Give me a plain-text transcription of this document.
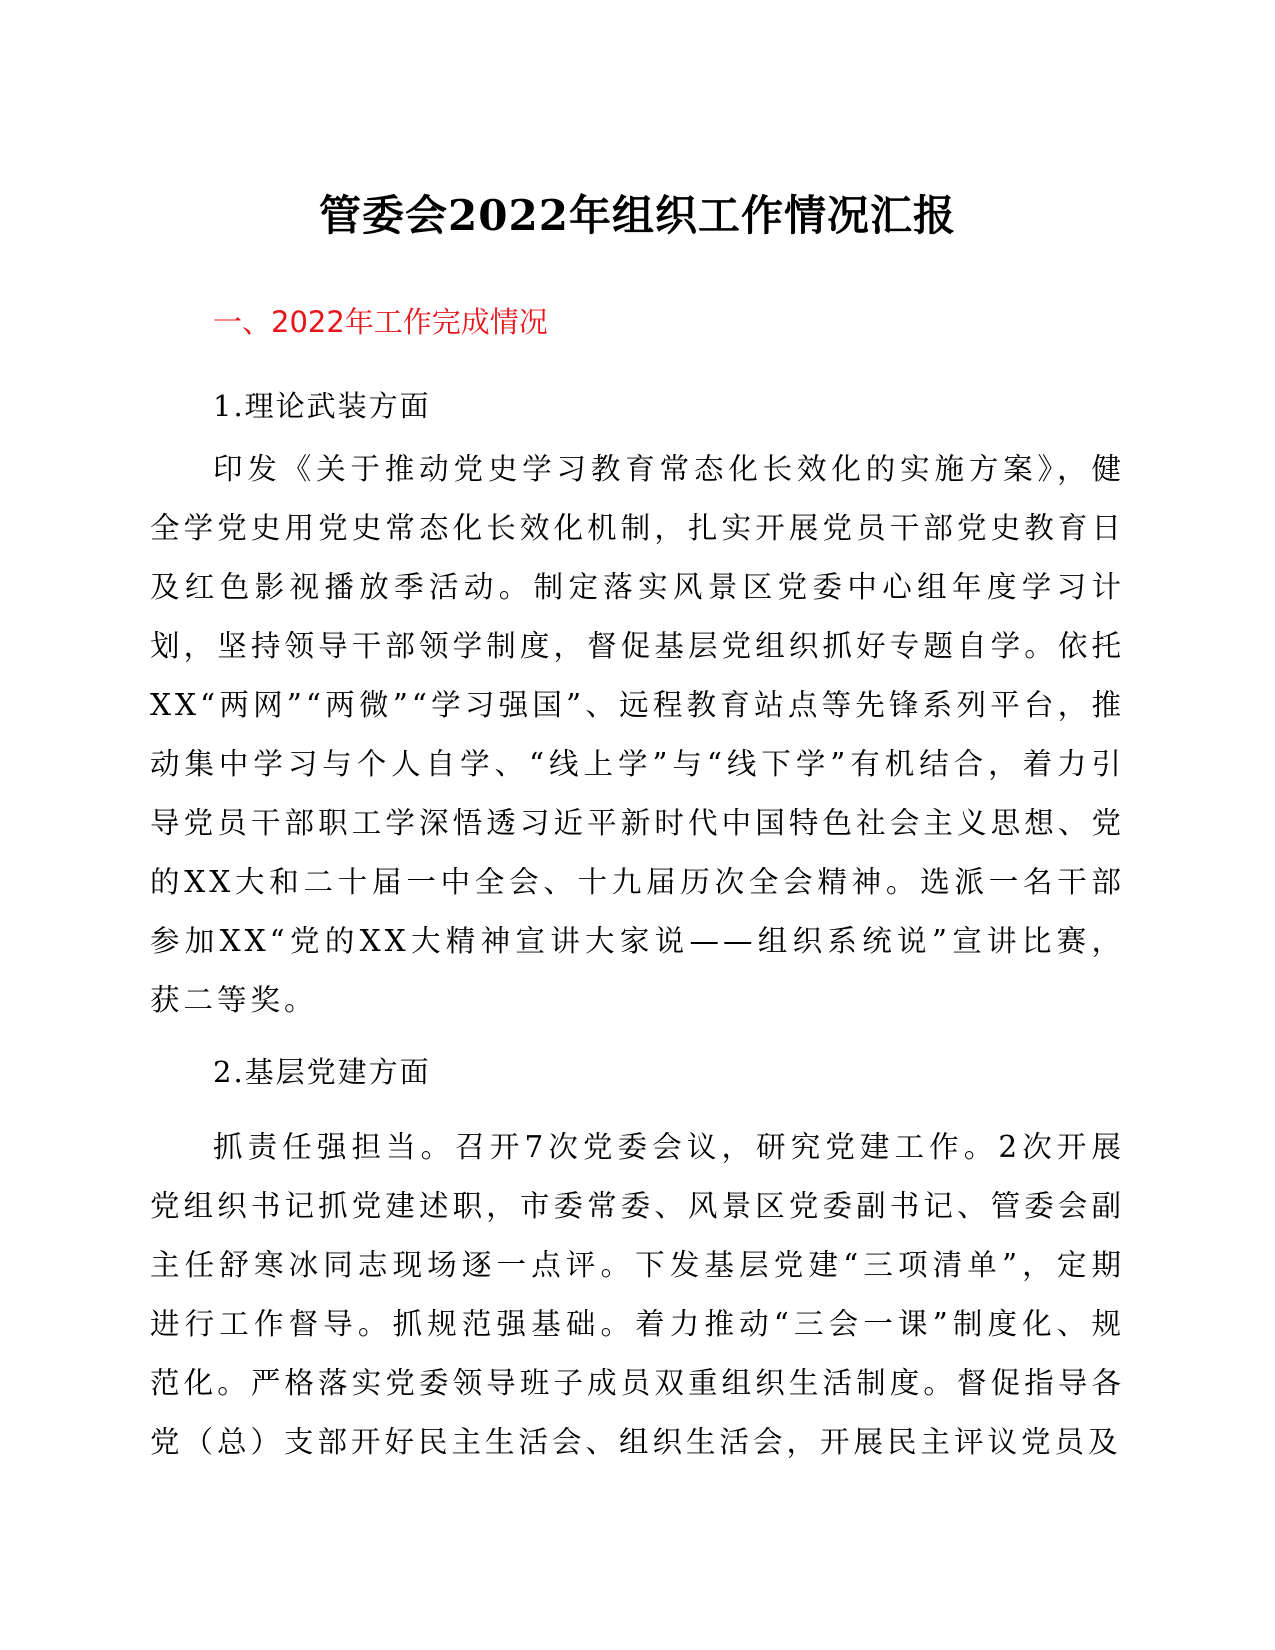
管委会2022年组织工作情况汇报
一、2022年工作完成情况
1.理论武装方面
印发《关于推动党史学习教育常态化长效化的实施方案》，健全学党史用党史常态化长效化机制，扎实开展党员干部党史教育日及红色影视播放季活动。制定落实风景区党委中心组年度学习计划，坚持领导干部领学制度，督促基层党组织抓好专题自学。依托XX“两网”“两微”“学习强国”、远程教育站点等先锋系列平台，推动集中学习与个人自学、“线上学”与“线下学”有机结合，着力引导党员干部职工学深悟透习近平新时代中国特色社会主义思想、党的XX大和二十届一中全会、十九届历次全会精神。选派一名干部参加XX“党的XX大精神宣讲大家说——组织系统说”宣讲比赛，获二等奖。
2.基层党建方面
抓责任强担当。召开7次党委会议，研究党建工作。2次开展党组织书记抓党建述职，市委常委、风景区党委副书记、管委会副主任舒寒冰同志现场逐一点评。下发基层党建“三项清单”，定期进行工作督导。抓规范强基础。着力推动“三会一课”制度化、规范化。严格落实党委领导班子成员双重组织生活制度。督促指导各党（总）支部开好民主生活会、组织生活会，开展民主评议党员及
